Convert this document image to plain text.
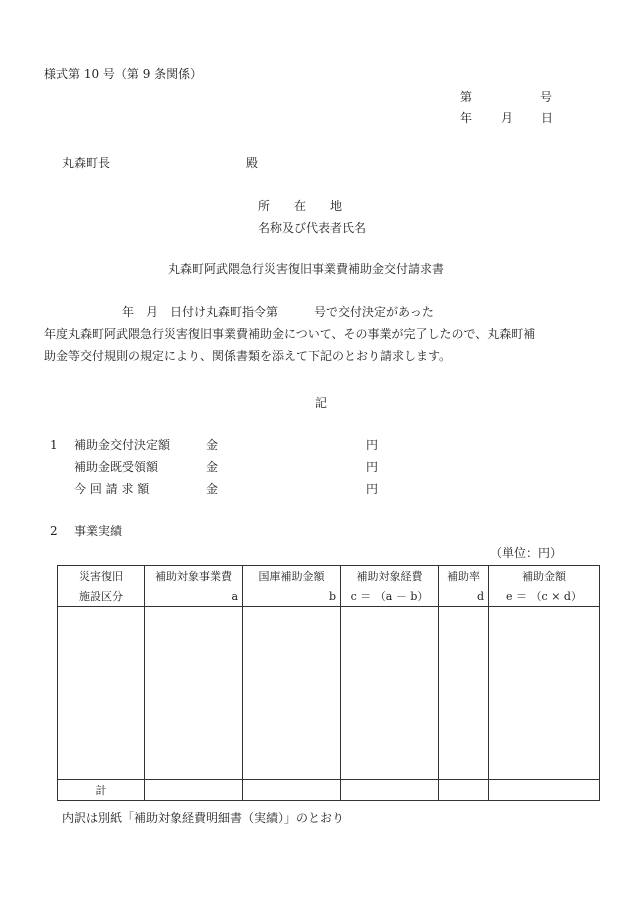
様式第 10 号（第 9 条関係）
第	号
年 月 日
丸森町長	殿
所　　在　　地
名称及び代表者氏名
丸森町阿武隈急行災害復旧事業費補助金交付請求書
　　年　月　日付け丸森町指令第　　　号で交付決定があった
年度丸森町阿武隈急行災害復旧事業費補助金について、その事業が完了したので、丸森町補
助金等交付規則の規定により、関係書類を添えて下記のとおり請求します。
記
1 補助金交付決定額	金	円
補助金既受領額	金	円
今 回 請 求 額	金	円
2 事業実績
（単位：円）
災害復旧	補助対象事業費	国庫補助金額	補助対象経費	補助率	補助金額
施設区分	a	b	c ＝ （a － b）	d	e ＝ （c × d）

計					
内訳は別紙「補助対象経費明細書（実績）」のとおり
